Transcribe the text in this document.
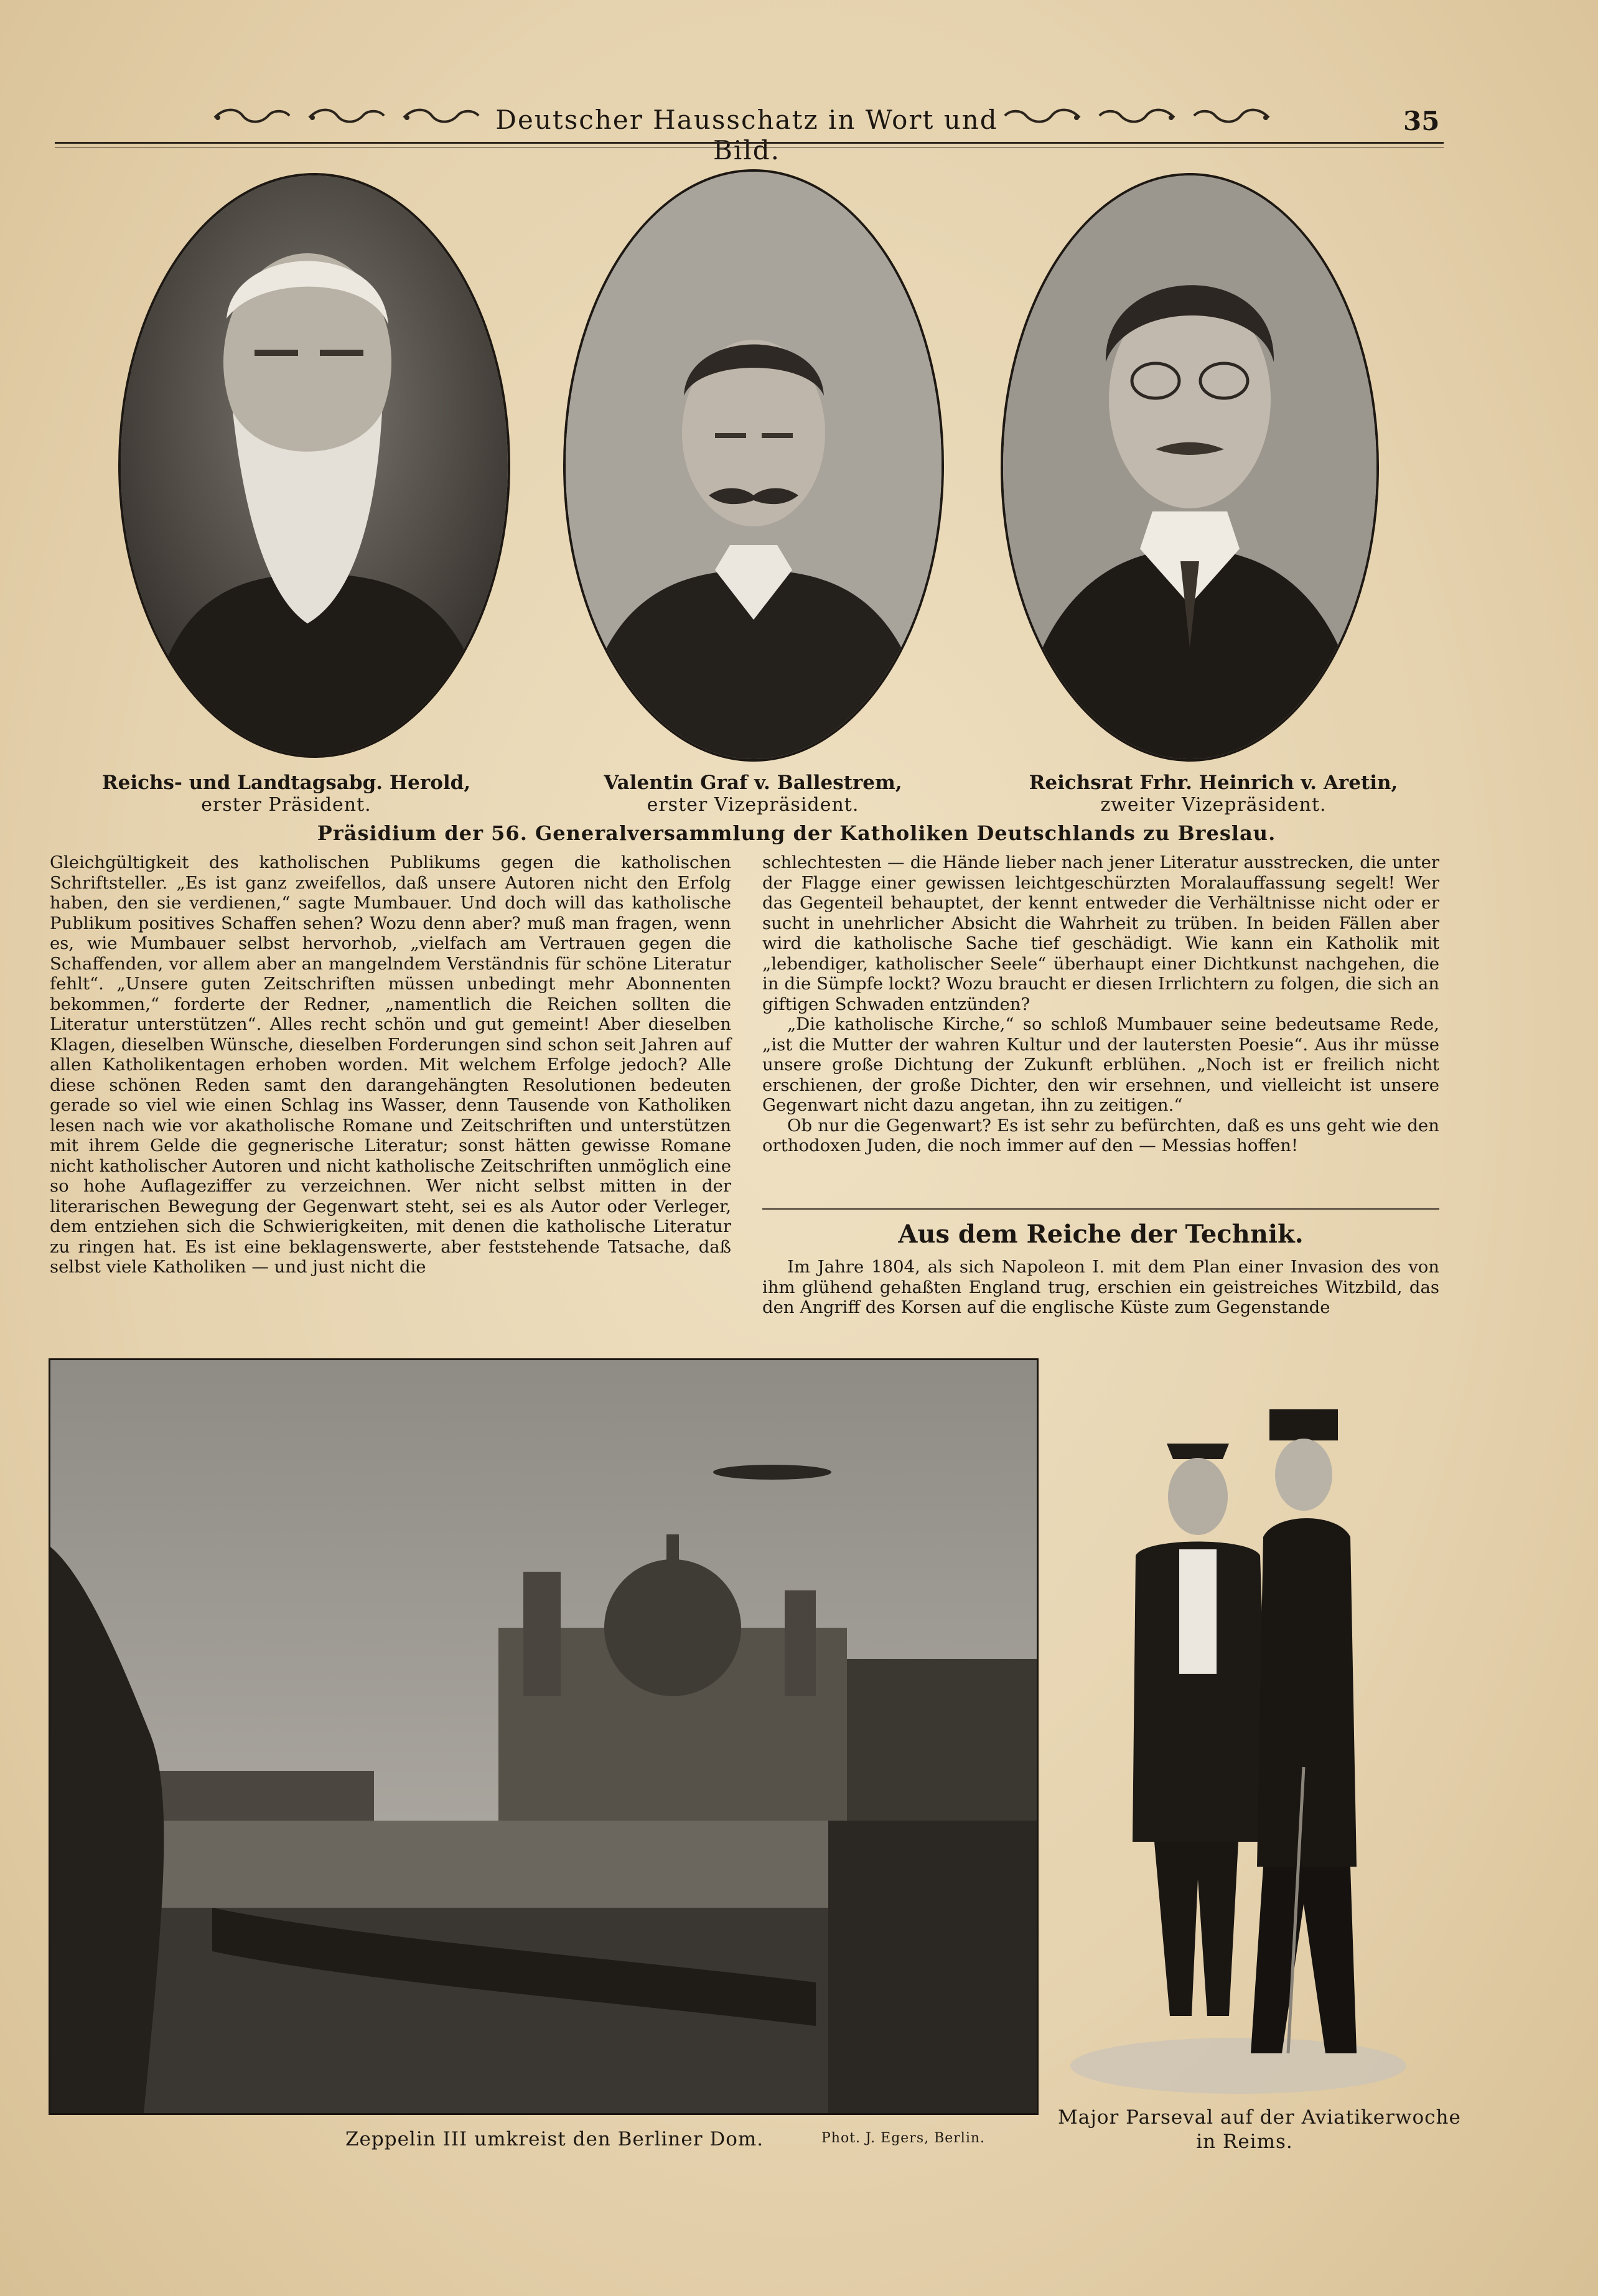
Deutscher Hausschatz in Wort und Bild.
35
Reichs- und Landtagsabg. Herold,
erster Präsident.
Valentin Graf v. Ballestrem,
erster Vizepräsident.
Reichsrat Frhr. Heinrich v. Aretin,
zweiter Vizepräsident.
Präsidium der 56. Generalversammlung der Katholiken Deutschlands zu Breslau.

Gleichgültigkeit des katholischen Publikums gegen die katholischen Schriftsteller. „Es ist ganz zweifellos, daß unsere Autoren nicht den Erfolg haben, den sie verdienen,“ sagte Mumbauer. Und doch will das katholische Publikum positives Schaffen sehen? Wozu denn aber? muß man fragen, wenn es, wie Mumbauer selbst hervorhob, „vielfach am Vertrauen gegen die Schaffenden, vor allem aber an mangelndem Verständnis für schöne Literatur fehlt“. „Unsere guten Zeitschriften müssen unbedingt mehr Abonnenten bekommen,“ forderte der Redner, „namentlich die Reichen sollten die Literatur unterstützen“. Alles recht schön und gut gemeint! Aber dieselben Klagen, dieselben Wünsche, dieselben Forderungen sind schon seit Jahren auf allen Katholikentagen erhoben worden. Mit welchem Erfolge jedoch? Alle diese schönen Reden samt den darangehängten Resolutionen bedeuten gerade so viel wie einen Schlag ins Wasser, denn Tausende von Katholiken lesen nach wie vor akatholische Romane und Zeitschriften und unterstützen mit ihrem Gelde die gegnerische Literatur; sonst hätten gewisse Romane nicht katholischer Autoren und nicht katholische Zeitschriften unmöglich eine so hohe Auflageziffer zu verzeichnen. Wer nicht selbst mitten in der literarischen Bewegung der Gegenwart steht, sei es als Autor oder Verleger, dem entziehen sich die Schwierigkeiten, mit denen die katholische Literatur zu ringen hat. Es ist eine beklagenswerte, aber feststehende Tatsache, daß selbst viele Katholiken — und just nicht die

schlechtesten — die Hände lieber nach jener Literatur ausstrecken, die unter der Flagge einer gewissen leichtgeschürzten Moralauffassung segelt! Wer das Gegenteil behauptet, der kennt entweder die Verhältnisse nicht oder er sucht in unehrlicher Absicht die Wahrheit zu trüben. In beiden Fällen aber wird die katholische Sache tief geschädigt. Wie kann ein Katholik mit „lebendiger, katholischer Seele“ überhaupt einer Dichtkunst nachgehen, die in die Sümpfe lockt? Wozu braucht er diesen Irrlichtern zu folgen, die sich an giftigen Schwaden entzünden?

„Die katholische Kirche,“ so schloß Mumbauer seine bedeutsame Rede, „ist die Mutter der wahren Kultur und der lautersten Poesie“. Aus ihr müsse unsere große Dichtung der Zukunft erblühen. „Noch ist er freilich nicht erschienen, der große Dichter, den wir ersehnen, und vielleicht ist unsere Gegenwart nicht dazu angetan, ihn zu zeitigen.“

Ob nur die Gegenwart? Es ist sehr zu befürchten, daß es uns geht wie den orthodoxen Juden, die noch immer auf den — Messias hoffen!

Aus dem Reiche der Technik.

Im Jahre 1804, als sich Napoleon I. mit dem Plan einer Invasion des von ihm glühend gehaßten England trug, erschien ein geistreiches Witzbild, das den Angriff des Korsen auf die englische Küste zum Gegenstande

Zeppelin III umkreist den Berliner Dom.	Phot. J. Egers, Berlin.
Major Parseval auf der Aviatikerwoche
in Reims.
